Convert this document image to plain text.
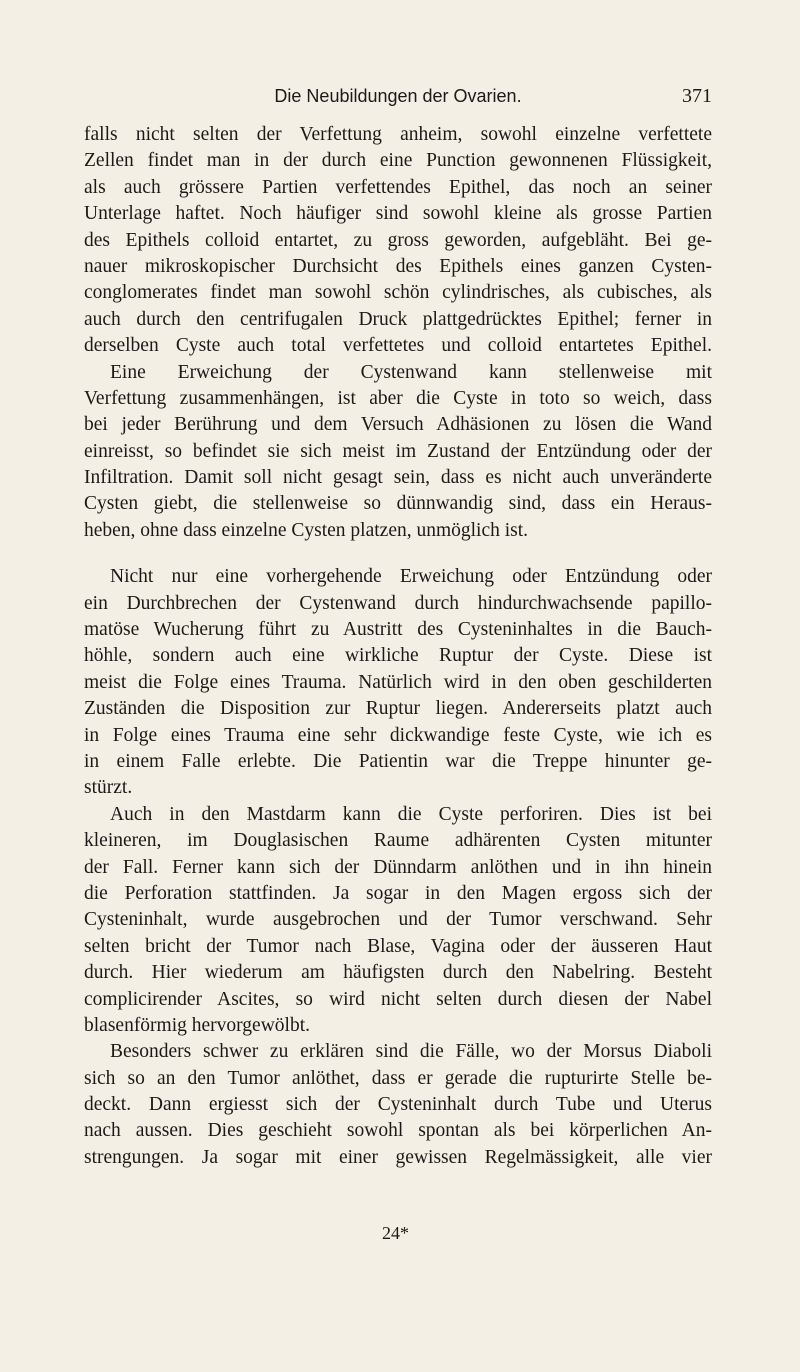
Die Neubildungen der Ovarien.	371
falls nicht selten der Verfettung anheim, sowohl einzelne verfettete
Zellen findet man in der durch eine Punction gewonnenen Flüssigkeit,
als auch grössere Partien verfettendes Epithel, das noch an seiner
Unterlage haftet. Noch häufiger sind sowohl kleine als grosse Partien
des Epithels colloid entartet, zu gross geworden, aufgebläht. Bei ge-
nauer mikroskopischer Durchsicht des Epithels eines ganzen Cysten-
conglomerates findet man sowohl schön cylindrisches, als cubisches, als
auch durch den centrifugalen Druck plattgedrücktes Epithel; ferner in
derselben Cyste auch total verfettetes und colloid entartetes Epithel.
Eine Erweichung der Cystenwand kann stellenweise mit
Verfettung zusammenhängen, ist aber die Cyste in toto so weich, dass
bei jeder Berührung und dem Versuch Adhäsionen zu lösen die Wand
einreisst, so befindet sie sich meist im Zustand der Entzündung oder der
Infiltration. Damit soll nicht gesagt sein, dass es nicht auch unveränderte
Cysten giebt, die stellenweise so dünnwandig sind, dass ein Heraus-
heben, ohne dass einzelne Cysten platzen, unmöglich ist.
Nicht nur eine vorhergehende Erweichung oder Entzündung oder
ein Durchbrechen der Cystenwand durch hindurchwachsende papillo-
matöse Wucherung führt zu Austritt des Cysteninhaltes in die Bauch-
höhle, sondern auch eine wirkliche Ruptur der Cyste. Diese ist
meist die Folge eines Trauma. Natürlich wird in den oben geschilderten
Zuständen die Disposition zur Ruptur liegen. Andererseits platzt auch
in Folge eines Trauma eine sehr dickwandige feste Cyste, wie ich es
in einem Falle erlebte. Die Patientin war die Treppe hinunter ge-
stürzt.
Auch in den Mastdarm kann die Cyste perforiren. Dies ist bei
kleineren, im Douglasischen Raume adhärenten Cysten mitunter
der Fall. Ferner kann sich der Dünndarm anlöthen und in ihn hinein
die Perforation stattfinden. Ja sogar in den Magen ergoss sich der
Cysteninhalt, wurde ausgebrochen und der Tumor verschwand. Sehr
selten bricht der Tumor nach Blase, Vagina oder der äusseren Haut
durch. Hier wiederum am häufigsten durch den Nabelring. Besteht
complicirender Ascites, so wird nicht selten durch diesen der Nabel
blasenförmig hervorgewölbt.
Besonders schwer zu erklären sind die Fälle, wo der Morsus Diaboli
sich so an den Tumor anlöthet, dass er gerade die rupturirte Stelle be-
deckt. Dann ergiesst sich der Cysteninhalt durch Tube und Uterus
nach aussen. Dies geschieht sowohl spontan als bei körperlichen An-
strengungen. Ja sogar mit einer gewissen Regelmässigkeit, alle vier
24*
